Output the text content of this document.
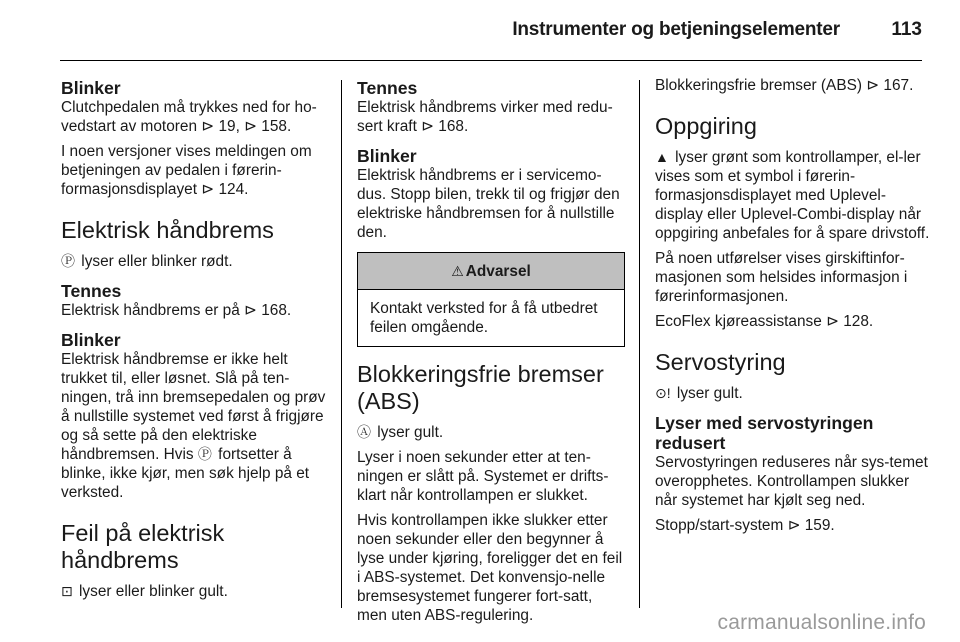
Instrumenter og betjeningselementer	113
Blinker

Clutchpedalen må trykkes ned for ho-vedstart av motoren ⊳ 19, ⊳ 158.

I noen versjoner vises meldingen om betjeningen av pedalen i førerin-formasjonsdisplayet ⊳ 124.

Elektrisk håndbrems

Ⓟ lyser eller blinker rødt.

Tennes

Elektrisk håndbrems er på ⊳ 168.

Blinker

Elektrisk håndbremse er ikke helt trukket til, eller løsnet. Slå på ten-ningen, trå inn bremsepedalen og prøv å nullstille systemet ved først å frigjøre og så sette på den elektriske håndbremsen. Hvis Ⓟ fortsetter å blinke, ikke kjør, men søk hjelp på et verksted.

Feil på elektrisk håndbrems

⊡ lyser eller blinker gult.

Tennes

Elektrisk håndbrems virker med redu-sert kraft ⊳ 168.

Blinker

Elektrisk håndbrems er i servicemo-dus. Stopp bilen, trekk til og frigjør den elektriske håndbremsen for å nullstille den.

⚠ Advarsel
Kontakt verksted for å få utbedret feilen omgående.
Blokkeringsfrie bremser (ABS)

Ⓐ lyser gult.

Lyser i noen sekunder etter at ten-ningen er slått på. Systemet er drifts-klart når kontrollampen er slukket.

Hvis kontrollampen ikke slukker etter noen sekunder eller den begynner å lyse under kjøring, foreligger det en feil i ABS-systemet. Det konvensjo-nelle bremsesystemet fungerer fort-satt, men uten ABS-regulering.

Blokkeringsfrie bremser (ABS) ⊳ 167.

Oppgiring

▲ lyser grønt som kontrollamper, el-ler vises som et symbol i førerin-formasjonsdisplayet med Uplevel-display eller Uplevel-Combi-display når oppgiring anbefales for å spare drivstoff.

På noen utførelser vises girskiftinfor-masjonen som helsides informasjon i førerinformasjonen.

EcoFlex kjøreassistanse ⊳ 128.

Servostyring

⊙! lyser gult.

Lyser med servostyringen redusert

Servostyringen reduseres når sys-temet overopphetes. Kontrollampen slukker når systemet har kjølt seg ned.

Stopp/start-system ⊳ 159.

carmanualsonline.info
